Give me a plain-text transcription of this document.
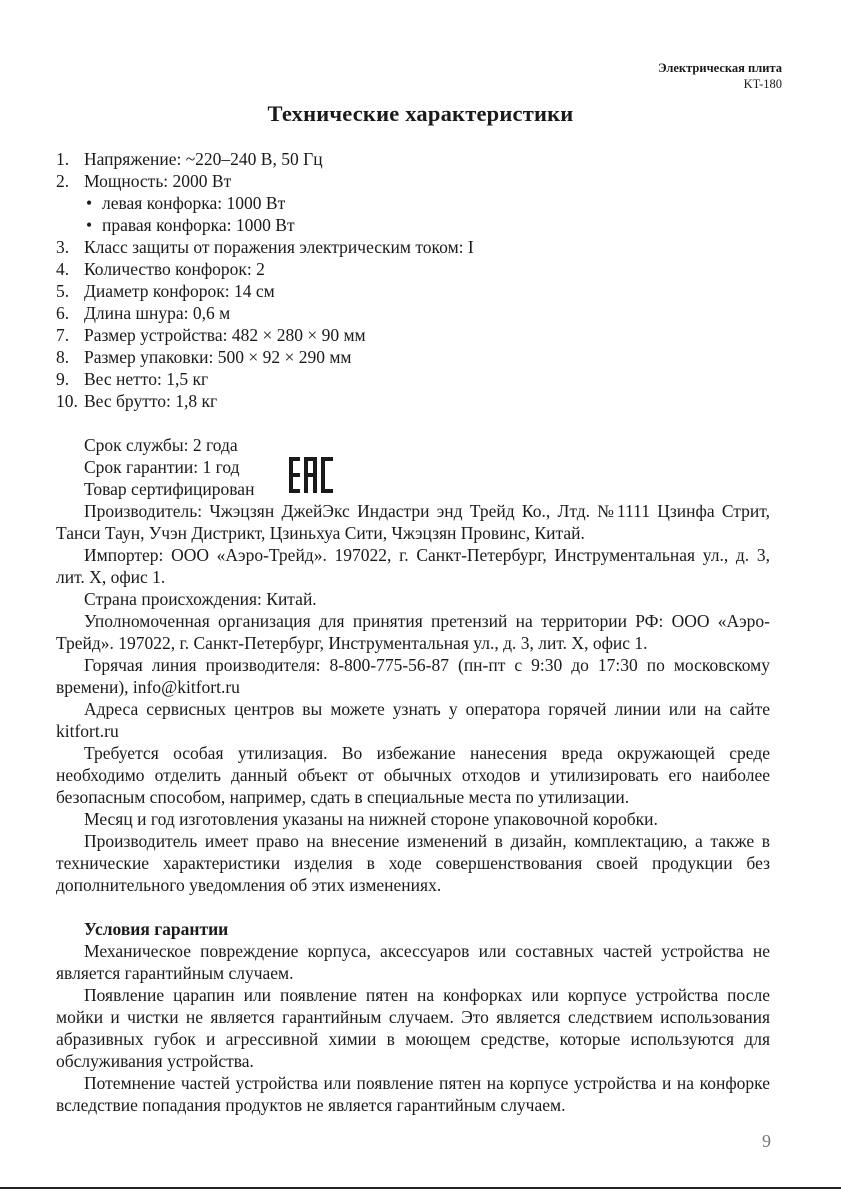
Электрическая плита
KT-180
Технические характеристики
1. Напряжение: ~220–240 В, 50 Гц
2. Мощность: 2000 Вт
• левая конфорка: 1000 Вт
• правая конфорка: 1000 Вт
3. Класс защиты от поражения электрическим током: I
4. Количество конфорок: 2
5. Диаметр конфорок: 14 см
6. Длина шнура: 0,6 м
7. Размер устройства: 482 × 280 × 90 мм
8. Размер упаковки: 500 × 92 × 290 мм
9. Вес нетто: 1,5 кг
10. Вес брутто: 1,8 кг
Срок службы: 2 года
Срок гарантии: 1 год
Товар сертифицирован

Производитель: Чжэцзян ДжейЭкс Индастри энд Трейд Ко., Лтд. №1111 Цзинфа Стрит, Танси Таун, Учэн Дистрикт, Цзиньхуа Сити, Чжэцзян Провинс, Китай.

Импортер: ООО «Аэро-Трейд». 197022, г. Санкт-Петербург, Инструментальная ул., д. 3, лит. Х, офис 1.

Страна происхождения: Китай.

Уполномоченная организация для принятия претензий на территории РФ: ООО «Аэро-Трейд». 197022, г. Санкт-Петербург, Инструментальная ул., д. 3, лит. Х, офис 1.

Горячая линия производителя: 8-800-775-56-87 (пн-пт с 9:30 до 17:30 по московскому времени), info@kitfort.ru

Адреса сервисных центров вы можете узнать у оператора горячей линии или на сайте kitfort.ru

Требуется особая утилизация. Во избежание нанесения вреда окружающей среде необходимо отделить данный объект от обычных отходов и утилизировать его наиболее безопасным способом, например, сдать в специальные места по утилизации.

Месяц и год изготовления указаны на нижней стороне упаковочной коробки.

Производитель имеет право на внесение изменений в дизайн, комплектацию, а также в технические характеристики изделия в ходе совершенствования своей продукции без дополнительного уведомления об этих изменениях.

Условия гарантии

Механическое повреждение корпуса, аксессуаров или составных частей устройства не является гарантийным случаем.

Появление царапин или появление пятен на конфорках или корпусе устройства после мойки и чистки не является гарантийным случаем. Это является следствием использования абразивных губок и агрессивной химии в моющем средстве, которые используются для обслуживания устройства.

Потемнение частей устройства или появление пятен на корпусе устройства и на конфорке вследствие попадания продуктов не является гарантийным случаем.

9
